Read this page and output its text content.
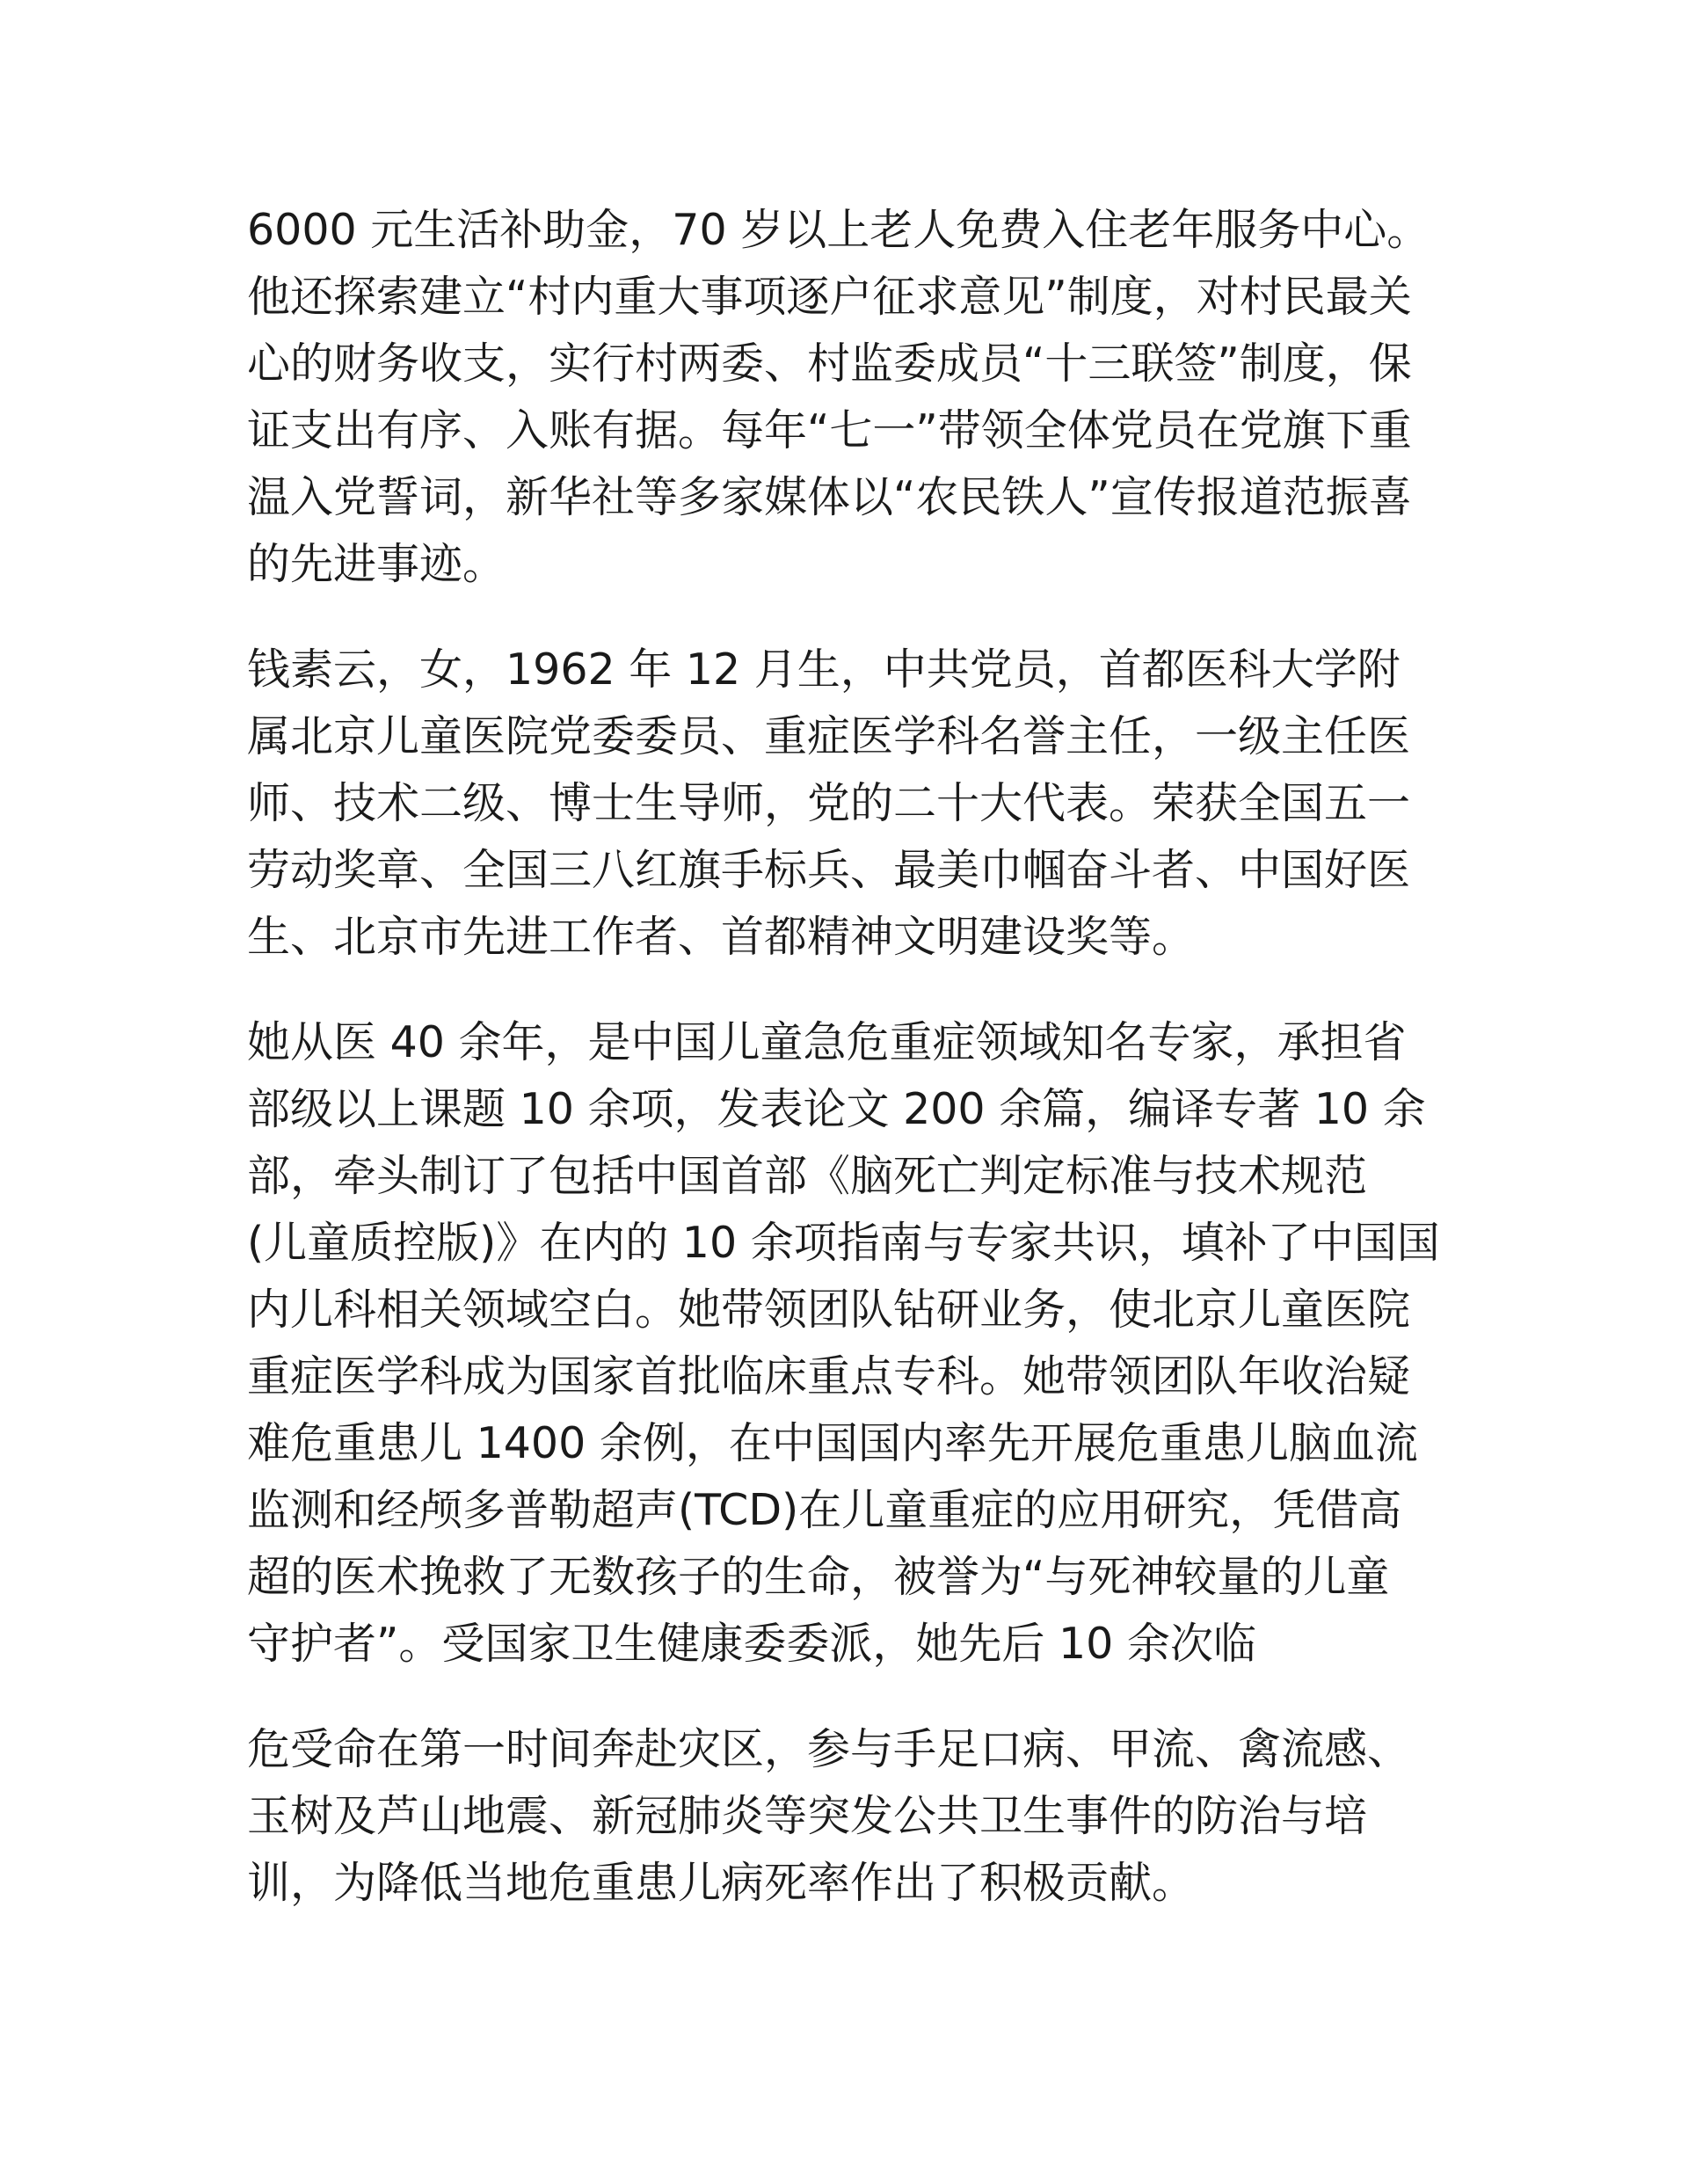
6000 元生活补助金，70 岁以上老人免费入住老年服务中心。
他还探索建立“村内重大事项逐户征求意见”制度，对村民最关
心的财务收支，实行村两委、村监委成员“十三联签”制度，保
证支出有序、入账有据。每年“七一”带领全体党员在党旗下重
温入党誓词，新华社等多家媒体以“农民铁人”宣传报道范振喜
的先进事迹。

钱素云，女，1962 年 12 月生，中共党员，首都医科大学附
属北京儿童医院党委委员、重症医学科名誉主任，一级主任医
师、技术二级、博士生导师，党的二十大代表。荣获全国五一
劳动奖章、全国三八红旗手标兵、最美巾帼奋斗者、中国好医
生、北京市先进工作者、首都精神文明建设奖等。

她从医 40 余年，是中国儿童急危重症领域知名专家，承担省
部级以上课题 10 余项，发表论文 200 余篇，编译专著 10 余
部，牵头制订了包括中国首部《脑死亡判定标准与技术规范
(儿童质控版)》在内的 10 余项指南与专家共识，填补了中国国
内儿科相关领域空白。她带领团队钻研业务，使北京儿童医院
重症医学科成为国家首批临床重点专科。她带领团队年收治疑
难危重患儿 1400 余例，在中国国内率先开展危重患儿脑血流
监测和经颅多普勒超声(TCD)在儿童重症的应用研究，凭借高
超的医术挽救了无数孩子的生命，被誉为“与死神较量的儿童
守护者”。受国家卫生健康委委派，她先后 10 余次临

危受命在第一时间奔赴灾区，参与手足口病、甲流、禽流感、
玉树及芦山地震、新冠肺炎等突发公共卫生事件的防治与培
训，为降低当地危重患儿病死率作出了积极贡献。
